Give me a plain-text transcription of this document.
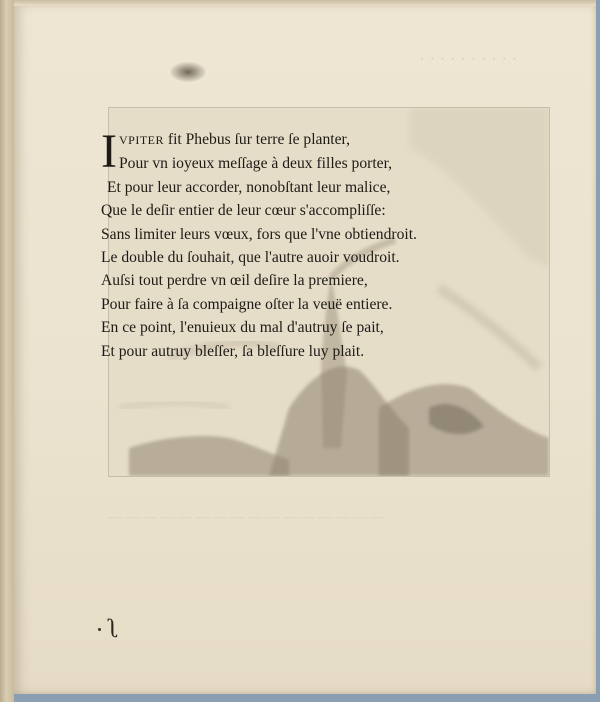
· · · · · · · · · ·
I VPITER fit Phebus ſur terre ſe planter,
Pour vn ioyeux meſſage à deux filles porter,
Et pour leur accorder, nonobſtant leur malice,
Que le deſir entier de leur cœur s'accompliſſe:
Sans limiter leurs vœux, fors que l'vne obtiendroit.
Le double du ſouhait, que l'autre auoir voudroit.
Auſsi tout perdre vn œil deſire la premiere,
Pour faire à ſa compaigne oſter la veuë entiere.
En ce point, l'enuieux du mal d'autruy ſe pait,
Et pour autruy bleſſer, ſa bleſſure luy plait.
— — — — — — — — — — — — — — — —
ʅ
